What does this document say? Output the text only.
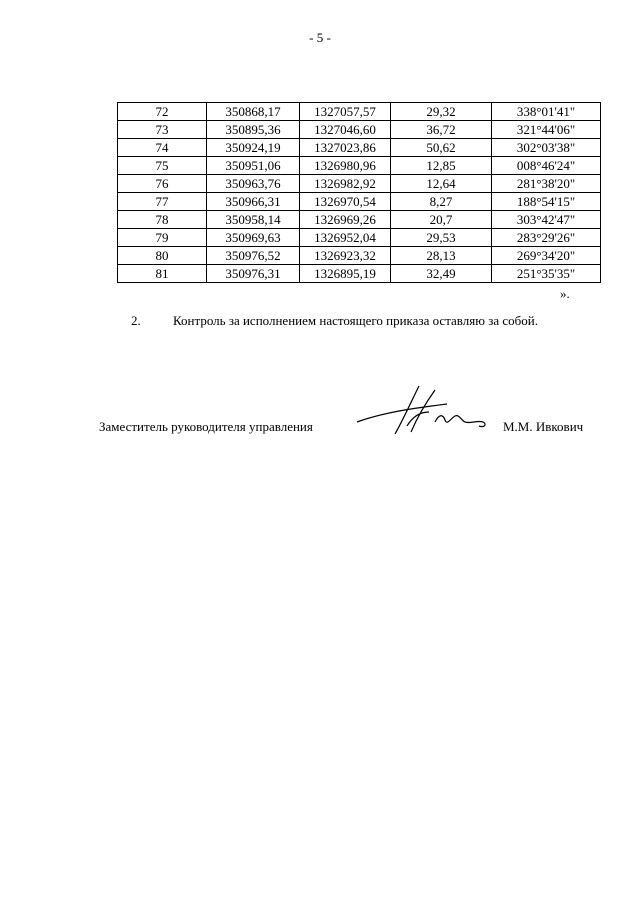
- 5 -
72	350868,17	1327057,57	29,32	338°01'41"
73	350895,36	1327046,60	36,72	321°44'06"
74	350924,19	1327023,86	50,62	302°03'38"
75	350951,06	1326980,96	12,85	008°46'24"
76	350963,76	1326982,92	12,64	281°38'20"
77	350966,31	1326970,54	8,27	188°54'15"
78	350958,14	1326969,26	20,7	303°42'47"
79	350969,63	1326952,04	29,53	283°29'26"
80	350976,52	1326923,32	28,13	269°34'20"
81	350976,31	1326895,19	32,49	251°35'35"
».
2. Контроль за исполнением настоящего приказа оставляю за собой.
Заместитель руководителя управления	М.М. Ивкович
